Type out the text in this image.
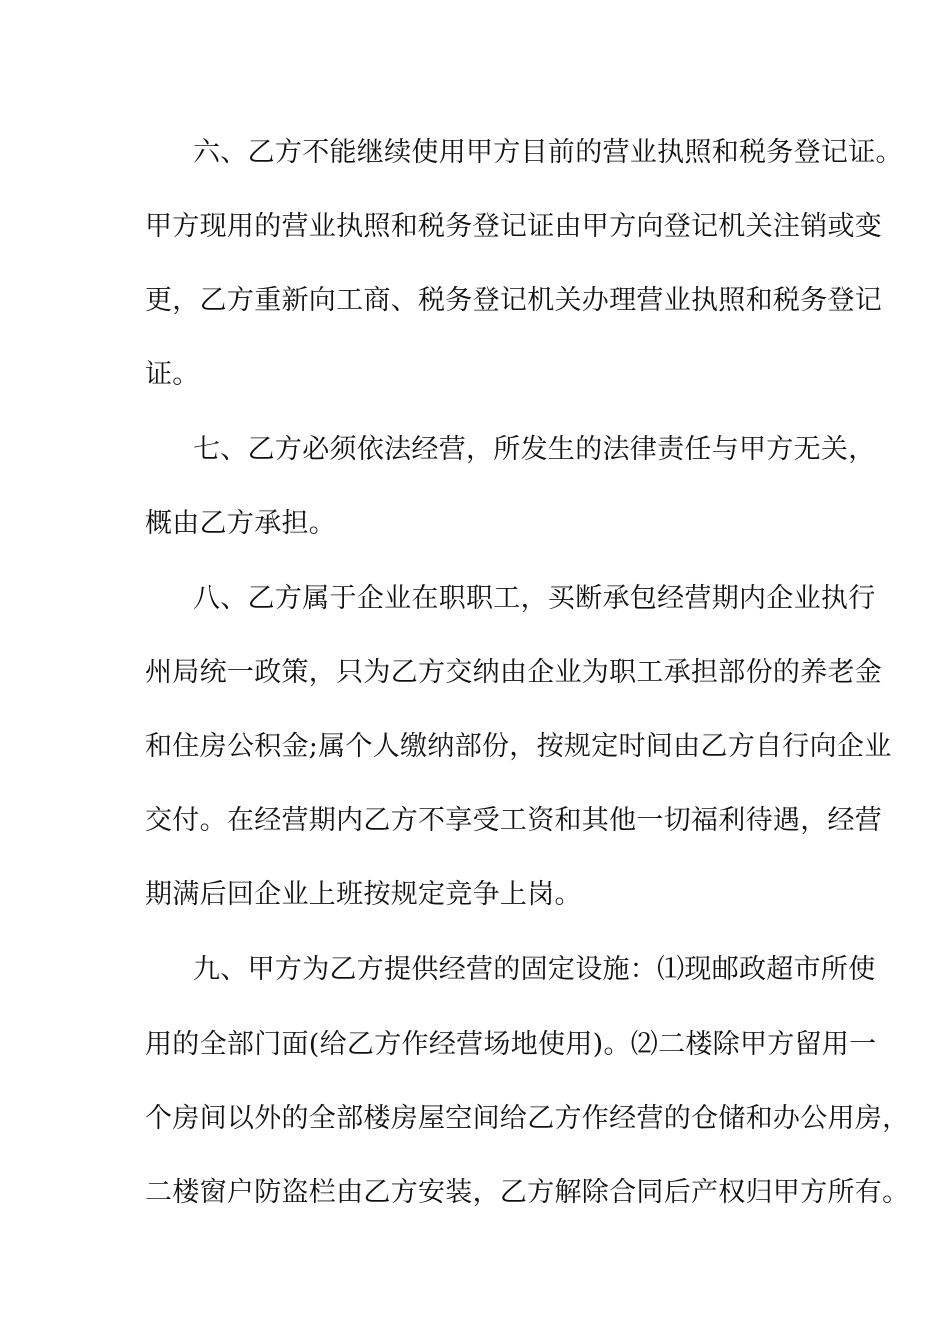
六、乙方不能继续使用甲方目前的营业执照和税务登记证。
甲方现用的营业执照和税务登记证由甲方向登记机关注销或变
更，乙方重新向工商、税务登记机关办理营业执照和税务登记
证。
七、乙方必须依法经营，所发生的法律责任与甲方无关，
概由乙方承担。
八、乙方属于企业在职职工，买断承包经营期内企业执行
州局统一政策，只为乙方交纳由企业为职工承担部份的养老金
和住房公积金;属个人缴纳部份，按规定时间由乙方自行向企业
交付。在经营期内乙方不享受工资和其他一切福利待遇，经营
期满后回企业上班按规定竞争上岗。
九、甲方为乙方提供经营的固定设施：⑴现邮政超市所使
用的全部门面(给乙方作经营场地使用)。⑵二楼除甲方留用一
个房间以外的全部楼房屋空间给乙方作经营的仓储和办公用房，
二楼窗户防盗栏由乙方安装，乙方解除合同后产权归甲方所有。
